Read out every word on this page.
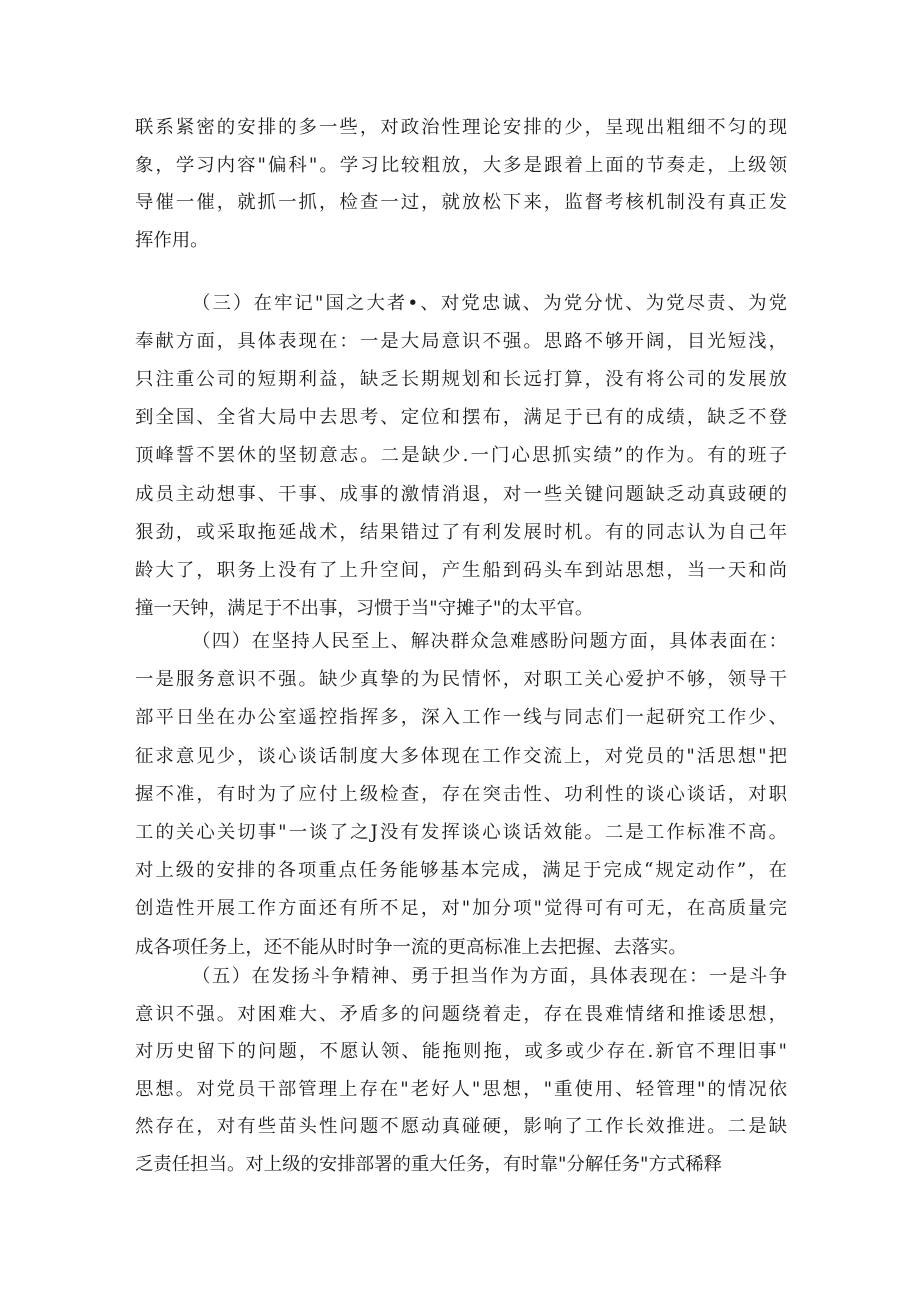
联系紧密的安排的多一些，对政治性理论安排的少，呈现出粗细不匀的现
象，学习内容"偏科"。学习比较粗放，大多是跟着上面的节奏走，上级领
导催一催，就抓一抓，检查一过，就放松下来，监督考核机制没有真正发
挥作用。
（三）在牢记"国之大者•、对党忠诚、为党分忧、为党尽责、为党
奉献方面，具体表现在：一是大局意识不强。思路不够开阔，目光短浅，
只注重公司的短期利益，缺乏长期规划和长远打算，没有将公司的发展放
到全国、全省大局中去思考、定位和摆布，满足于已有的成绩，缺乏不登
顶峰誓不罢休的坚韧意志。二是缺少.一门心思抓实绩”的作为。有的班子
成员主动想事、干事、成事的激情消退，对一些关键问题缺乏动真豉硬的
狠劲，或采取拖延战术，结果错过了有利发展时机。有的同志认为自己年
龄大了，职务上没有了上升空间，产生船到码头车到站思想，当一天和尚
撞一天钟，满足于不出事，习惯于当"守摊子"的太平官。
（四）在坚持人民至上、解决群众急难感盼问题方面，具体表面在：
一是服务意识不强。缺少真挚的为民情怀，对职工关心爱护不够，领导干
部平日坐在办公室遥控指挥多，深入工作一线与同志们一起研究工作少、
征求意见少，谈心谈话制度大多体现在工作交流上，对党员的"活思想"把
握不准，有时为了应付上级检查，存在突击性、功利性的谈心谈话，对职
工的关心关切事"一谈了之J没有发挥谈心谈话效能。二是工作标准不高。
对上级的安排的各项重点任务能够基本完成，满足于完成“规定动作”，在
创造性开展工作方面还有所不足，对"加分项"觉得可有可无，在高质量完
成各项任务上，还不能从时时争一流的更高标准上去把握、去落实。
（五）在发扬斗争精神、勇于担当作为方面，具体表现在：一是斗争
意识不强。对困难大、矛盾多的问题绕着走，存在畏难情绪和推诿思想，
对历史留下的问题，不愿认领、能拖则拖，或多或少存在.新官不理旧事"
思想。对党员干部管理上存在"老好人"思想，"重使用、轻管理"的情况依
然存在，对有些苗头性问题不愿动真碰硬，影响了工作长效推进。二是缺
乏责任担当。对上级的安排部署的重大任务，有时靠"分解任务"方式稀释
